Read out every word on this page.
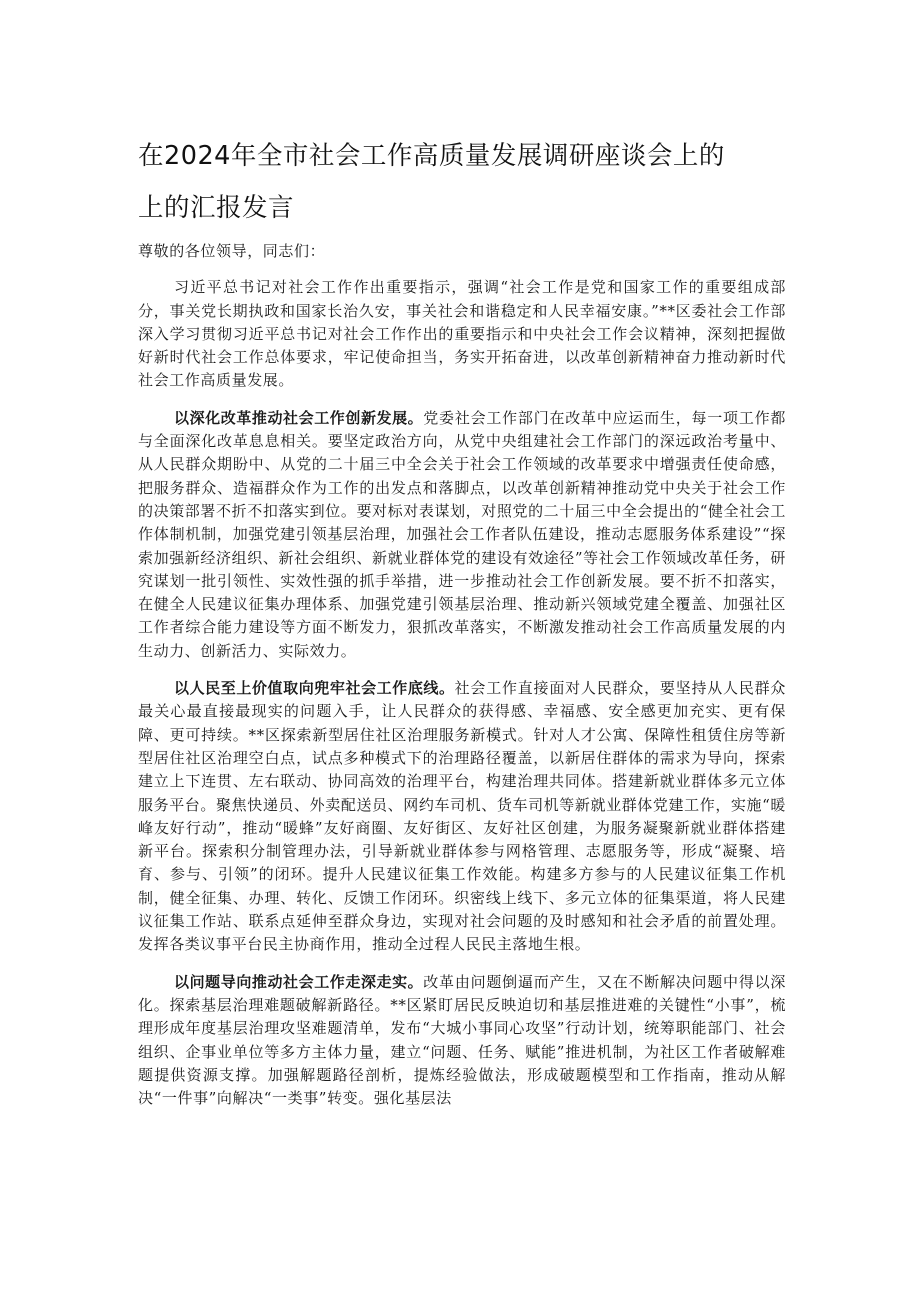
在2024年全市社会工作高质量发展调研座谈会上的
上的汇报发言

尊敬的各位领导，同志们：

习近平总书记对社会工作作出重要指示，强调“社会工作是党和国家工作的重要组成部分，事关党长期执政和国家长治久安，事关社会和谐稳定和人民幸福安康。”**区委社会工作部深入学习贯彻习近平总书记对社会工作作出的重要指示和中央社会工作会议精神，深刻把握做好新时代社会工作总体要求，牢记使命担当，务实开拓奋进，以改革创新精神奋力推动新时代社会工作高质量发展。

以深化改革推动社会工作创新发展。党委社会工作部门在改革中应运而生，每一项工作都与全面深化改革息息相关。要坚定政治方向，从党中央组建社会工作部门的深远政治考量中、从人民群众期盼中、从党的二十届三中全会关于社会工作领域的改革要求中增强责任使命感，把服务群众、造福群众作为工作的出发点和落脚点，以改革创新精神推动党中央关于社会工作的决策部署不折不扣落实到位。要对标对表谋划，对照党的二十届三中全会提出的“健全社会工作体制机制，加强党建引领基层治理，加强社会工作者队伍建设，推动志愿服务体系建设”“探索加强新经济组织、新社会组织、新就业群体党的建设有效途径”等社会工作领域改革任务，研究谋划一批引领性、实效性强的抓手举措，进一步推动社会工作创新发展。要不折不扣落实，在健全人民建议征集办理体系、加强党建引领基层治理、推动新兴领域党建全覆盖、加强社区工作者综合能力建设等方面不断发力，狠抓改革落实，不断激发推动社会工作高质量发展的内生动力、创新活力、实际效力。

以人民至上价值取向兜牢社会工作底线。社会工作直接面对人民群众，要坚持从人民群众最关心最直接最现实的问题入手，让人民群众的获得感、幸福感、安全感更加充实、更有保障、更可持续。**区探索新型居住社区治理服务新模式。针对人才公寓、保障性租赁住房等新型居住社区治理空白点，试点多种模式下的治理路径覆盖，以新居住群体的需求为导向，探索建立上下连贯、左右联动、协同高效的治理平台，构建治理共同体。搭建新就业群体多元立体服务平台。聚焦快递员、外卖配送员、网约车司机、货车司机等新就业群体党建工作，实施“暖峰友好行动”，推动“暖蜂”友好商圈、友好街区、友好社区创建，为服务凝聚新就业群体搭建新平台。探索积分制管理办法，引导新就业群体参与网格管理、志愿服务等，形成“凝聚、培育、参与、引领”的闭环。提升人民建议征集工作效能。构建多方参与的人民建议征集工作机制，健全征集、办理、转化、反馈工作闭环。织密线上线下、多元立体的征集渠道，将人民建议征集工作站、联系点延伸至群众身边，实现对社会问题的及时感知和社会矛盾的前置处理。发挥各类议事平台民主协商作用，推动全过程人民民主落地生根。

以问题导向推动社会工作走深走实。改革由问题倒逼而产生，又在不断解决问题中得以深化。探索基层治理难题破解新路径。**区紧盯居民反映迫切和基层推进难的关键性“小事”，梳理形成年度基层治理攻坚难题清单，发布“大城小事同心攻坚”行动计划，统筹职能部门、社会组织、企事业单位等多方主体力量，建立“问题、任务、赋能”推进机制，为社区工作者破解难题提供资源支撑。加强解题路径剖析，提炼经验做法，形成破题模型和工作指南，推动从解决“一件事”向解决“一类事”转变。强化基层法
